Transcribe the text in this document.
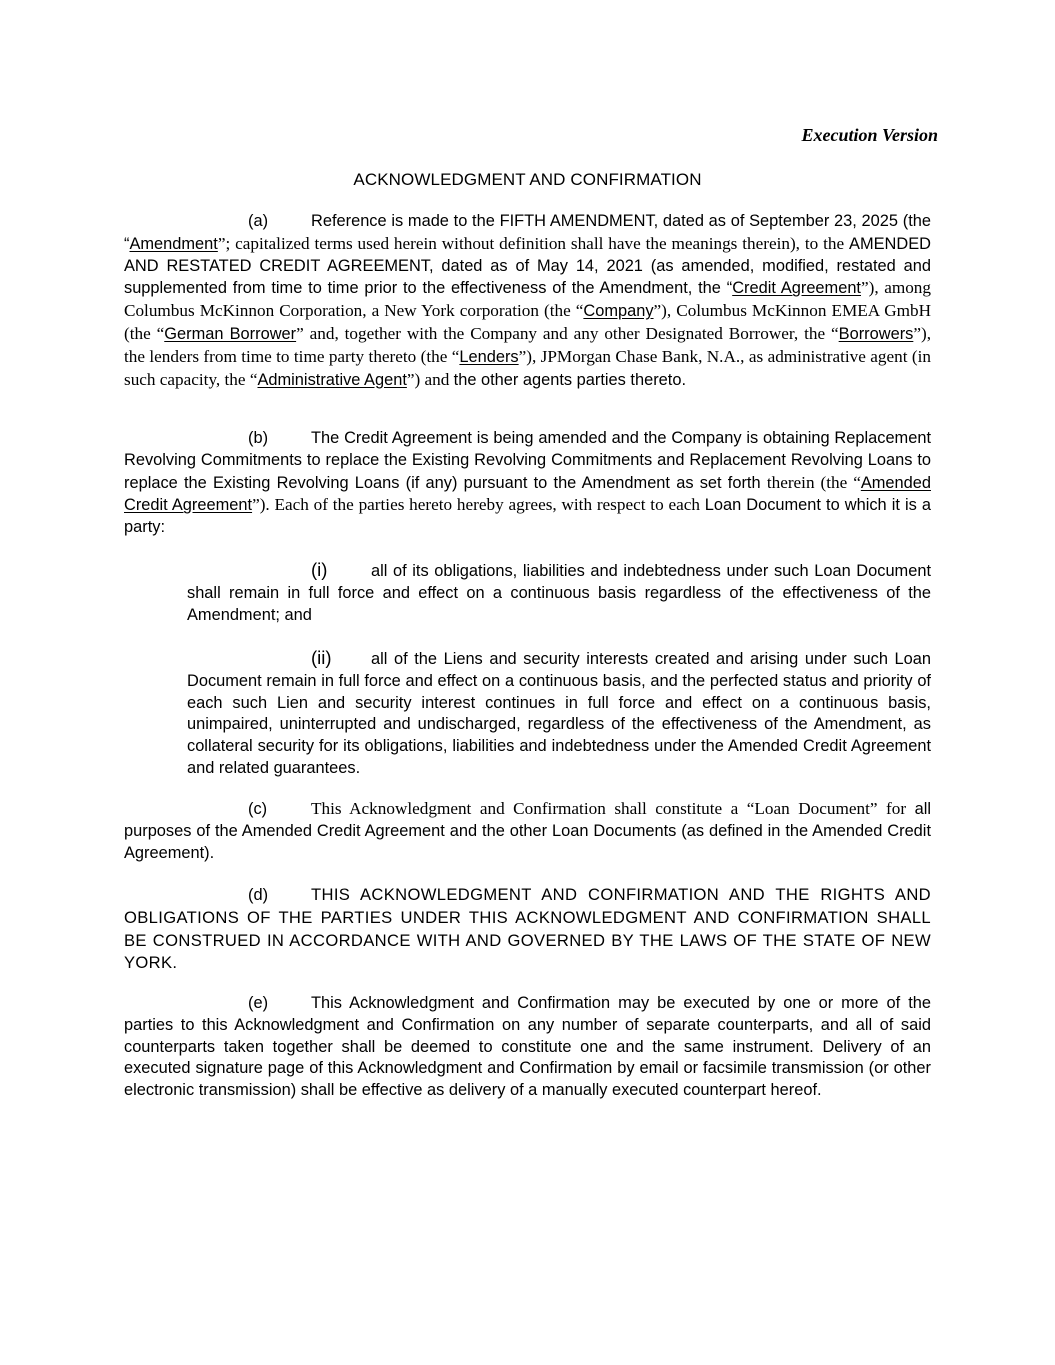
Execution Version
ACKNOWLEDGMENT AND CONFIRMATION

(a)	Reference is made to the FIFTH AMENDMENT, dated as of September 23, 2025 (the “Amendment”; capitalized terms used herein without definition shall have the meanings therein), to the AMENDED AND RESTATED CREDIT AGREEMENT, dated as of May 14, 2021 (as amended, modified, restated and supplemented from time to time prior to the effectiveness of the Amendment, the “Credit Agreement”), among Columbus McKinnon Corporation, a New York corporation (the “Company”), Columbus McKinnon EMEA GmbH (the “German Borrower” and, together with the Company and any other Designated Borrower, the “Borrowers”), the lenders from time to time party thereto (the “Lenders”), JPMorgan Chase Bank, N.A., as administrative agent (in such capacity, the “Administrative Agent”) and the other agents parties thereto.

(b)	The Credit Agreement is being amended and the Company is obtaining Replacement Revolving Commitments to replace the Existing Revolving Commitments and Replacement Revolving Loans to replace the Existing Revolving Loans (if any) pursuant to the Amendment as set forth therein (the “Amended Credit Agreement”). Each of the parties hereto hereby agrees, with respect to each Loan Document to which it is a party:

(i)	all of its obligations, liabilities and indebtedness under such Loan Document shall remain in full force and effect on a continuous basis regardless of the effectiveness of the Amendment; and

(ii) all of the Liens and security interests created and arising under such Loan Document remain in full force and effect on a continuous basis, and the perfected status and priority of each such Lien and security interest continues in full force and effect on a continuous basis, unimpaired, uninterrupted and undischarged, regardless of the effectiveness of the Amendment, as collateral security for its obligations, liabilities and indebtedness under the Amended Credit Agreement and related guarantees.

(c)	This Acknowledgment and Confirmation shall constitute a “Loan Document” for all purposes of the Amended Credit Agreement and the other Loan Documents (as defined in the Amended Credit Agreement).

(d)	THIS ACKNOWLEDGMENT AND CONFIRMATION AND THE RIGHTS AND OBLIGATIONS OF THE PARTIES UNDER THIS ACKNOWLEDGMENT AND CONFIRMATION SHALL BE CONSTRUED IN ACCORDANCE WITH AND GOVERNED BY THE LAWS OF THE STATE OF NEW YORK.

(e)	This Acknowledgment and Confirmation may be executed by one or more of the parties to this Acknowledgment and Confirmation on any number of separate counterparts, and all of said counterparts taken together shall be deemed to constitute one and the same instrument. Delivery of an executed signature page of this Acknowledgment and Confirmation by email or facsimile transmission (or other electronic transmission) shall be effective as delivery of a manually executed counterpart hereof.
